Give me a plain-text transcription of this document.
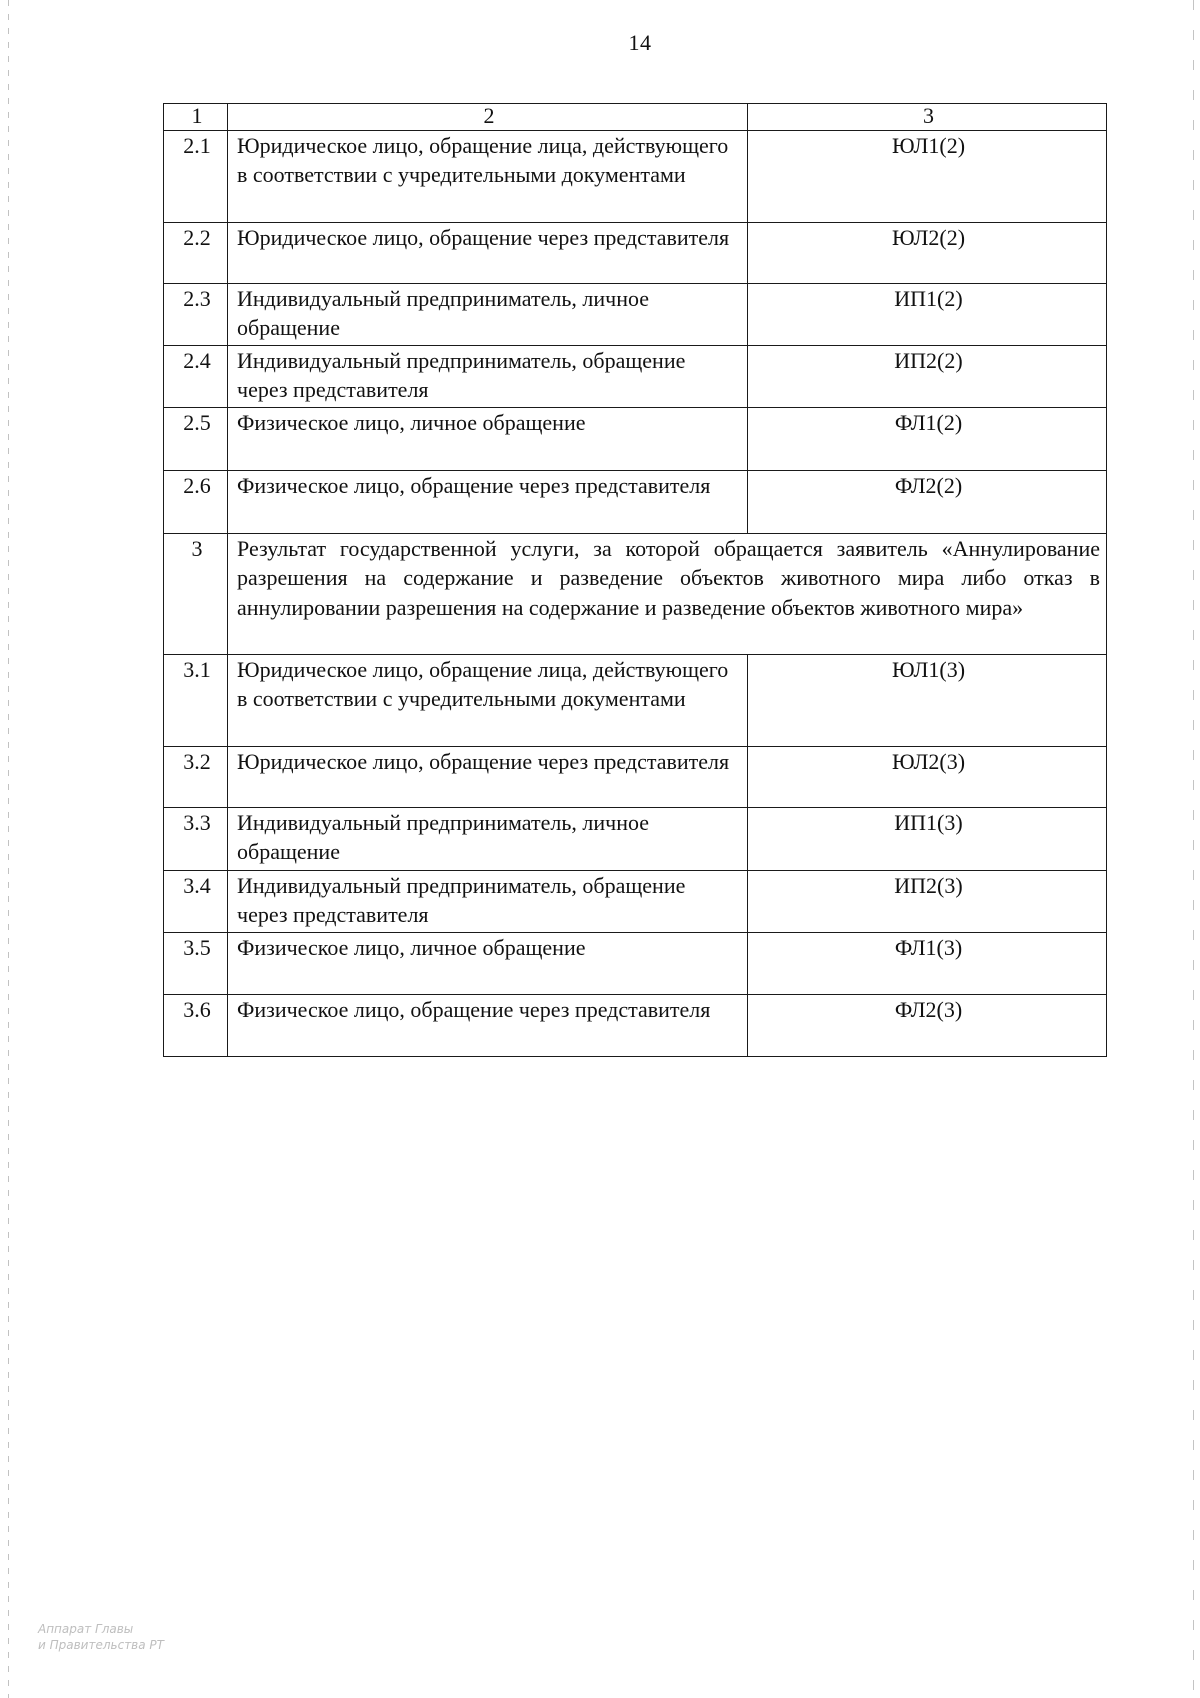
14
1	2	3
2.1	Юридическое лицо, обращение лица, действующего в соответствии с учредительными документами	ЮЛ1(2)
2.2	Юридическое лицо, обращение через представителя	ЮЛ2(2)
2.3	Индивидуальный предприниматель, личное обращение	ИП1(2)
2.4	Индивидуальный предприниматель, обращение через представителя	ИП2(2)
2.5	Физическое лицо, личное обращение	ФЛ1(2)
2.6	Физическое лицо, обращение через представителя	ФЛ2(2)
3	Результат государственной услуги, за которой обращается заявитель «Аннулирование разрешения на содержание и разведение объектов животного мира либо отказ в аннулировании разрешения на содержание и разведение объектов животного мира»	
3.1	Юридическое лицо, обращение лица, действующего в соответствии с учредительными документами	ЮЛ1(3)
3.2	Юридическое лицо, обращение через представителя	ЮЛ2(3)
3.3	Индивидуальный предприниматель, личное обращение	ИП1(3)
3.4	Индивидуальный предприниматель, обращение через представителя	ИП2(3)
3.5	Физическое лицо, личное обращение	ФЛ1(3)
3.6	Физическое лицо, обращение через представителя	ФЛ2(3)
Аппарат Главы
и Правительства РТ
